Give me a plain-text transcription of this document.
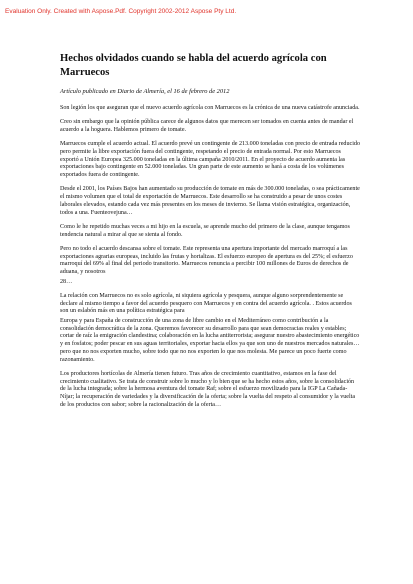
Evaluation Only. Created with Aspose.Pdf. Copyright 2002-2012 Aspose Pty Ltd.
Hechos olvidados cuando se habla del acuerdo agrícola con Marruecos
Artículo publicado en Diario de Almería, el 16 de febrero de 2012

Son legión los que aseguran que el nuevo acuerdo agrícola con Marruecos es la crónica de una nueva catástrofe anunciada.

Creo sin embargo que la opinión pública carece de algunos datos que merecen ser tomados en cuenta antes de mandar el acuerdo a la hoguera. Hablemos primero de tomate.

Marruecos cumple el acuerdo actual. El acuerdo prevé un contingente de 213.000 toneladas con precio de entrada reducido pero permite la libre exportación fuera del contingente, respetando el precio de entrada normal. Por esto Marruecos exportó a Unión Europea 325.000 toneladas en la última campaña 2010/2011. En el proyecto de acuerdo aumenta las exportaciones bajo contingente en 52.000 toneladas. Un gran parte de este aumento se hará a costa de los volúmenes exportados fuera de contingente.

Desde el 2001, los Países Bajos han aumentado su producción de tomate en más de 300.000 toneladas, o sea prácticamente el mismo volumen que el total de exportación de Marruecos. Este desarrollo se ha construido a pesar de unos costes laborales elevados, estando cada vez más presentes en los meses de invierno. Se llama visión estratégica, organización, todos a una. Fuenteovejuna…

Como le he repetido muchas veces a mi hijo en la escuela, se aprende mucho del primero de la clase, aunque tengamos tendencia natural a mirar al que se sienta al fondo.

Pero no todo el acuerdo descansa sobre el tomate. Este representa una apertura importante del mercado marroquí a las exportaciones agrarias europeas, incluido las frutas y hortalizas. El esfuerzo europeo de apertura es del 25%; el esfuerzo marroquí del 69% al final del periodo transitorio. Marruecos renuncia a percibir 100 millones de Euros de derechos de aduana, y nosotros

28…

La relación con Marruecos no es solo agrícola, ni siquiera agrícola y pesquera, aunque alguno sorprendentemente se declare al mismo tiempo a favor del acuerdo pesquero con Marruecos y en contra del acuerdo agrícola. . Estos acuerdos son un eslabón más en una política estratégica para

Europa y para España de construcción de una zona de libre cambio en el Mediterráneo como contribución a la consolidación democrática de la zona. Queremos favorecer su desarrollo para que sean democracias reales y estables; cortar de raíz la emigración clandestina; colaboración en la lucha antiterrorista; asegurar nuestro abastecimiento energético y en fosfatos; poder pescar en sus aguas territoriales, exportar hacia ellos ya que son uno de nuestros mercados naturales… pero que no nos exporten mucho, sobre todo que no nos exporten lo que nos molesta. Me parece un poco fuerte como razonamiento.

Los productores hortícolas de Almería tienen futuro. Tras años de crecimiento cuantitativo, estamos en la fase del crecimiento cualitativo. Se trata de construir sobre lo mucho y lo bien que se ha hecho estos años, sobre la consolidación de la lucha integrada; sobre la hermosa aventura del tomate Raf; sobre el esfuerzo movilizado para la IGP La Cañada-Níjar; la recuperación de variedades y la diversificación de la oferta; sobre la vuelta del respeto al consumidor y la vuelta de los productos con sabor; sobre la racionalización de la oferta…
